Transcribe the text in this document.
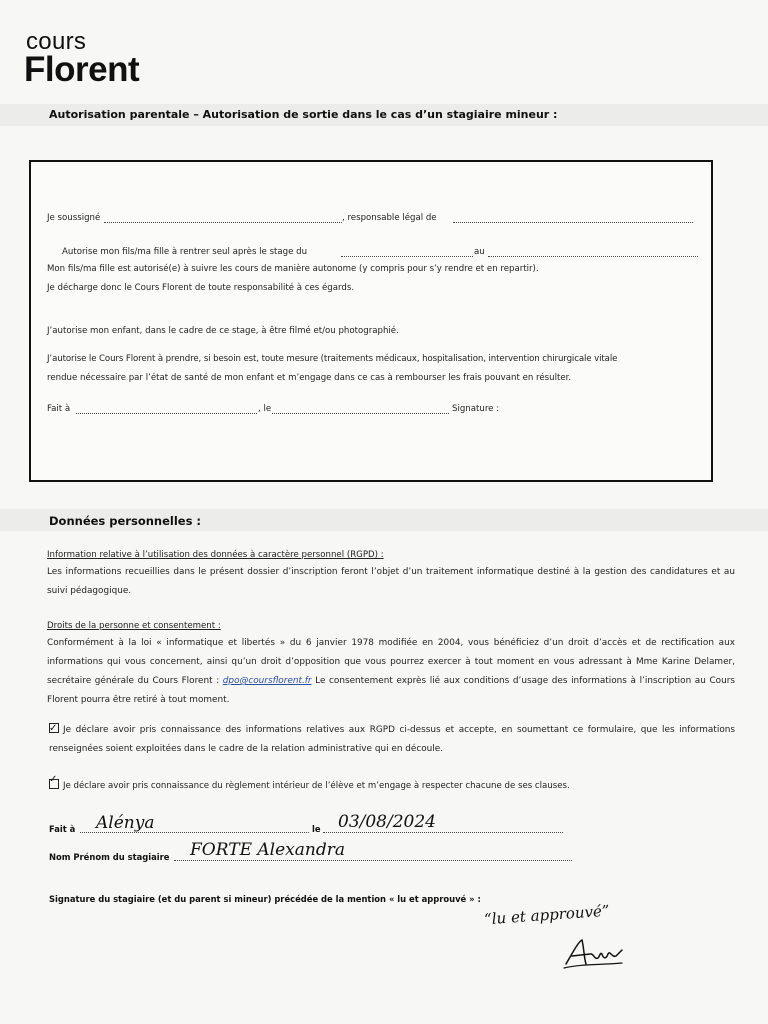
cours
Florent
Autorisation parentale – Autorisation de sortie dans le cas d’un stagiaire mineur :
Je soussigné	, responsable légal de
Autorise mon fils/ma fille à rentrer seul après le stage du	au
Mon fils/ma fille est autorisé(e) à suivre les cours de manière autonome (y compris pour s’y rendre et en repartir).
Je décharge donc le Cours Florent de toute responsabilité à ces égards.
J’autorise mon enfant, dans le cadre de ce stage, à être filmé et/ou photographié.
J’autorise le Cours Florent à prendre, si besoin est, toute mesure (traitements médicaux, hospitalisation, intervention chirurgicale vitale
rendue nécessaire par l’état de santé de mon enfant et m’engage dans ce cas à rembourser les frais pouvant en résulter.
Fait à	, le	Signature :
Données personnelles :
Information relative à l’utilisation des données à caractère personnel (RGPD) :

Les informations recueillies dans le présent dossier d’inscription feront l’objet d’un traitement informatique destiné à la gestion des candidatures et au suivi pédagogique.

Droits de la personne et consentement :

Conformément à la loi « informatique et libertés » du 6 janvier 1978 modifiée en 2004, vous bénéficiez d’un droit d’accès et de rectification aux informations qui vous concernent, ainsi qu’un droit d’opposition que vous pourrez exercer à tout moment en vous adressant à Mme Karine Delamer, secrétaire générale du Cours Florent : dpo@coursflorent.fr Le consentement exprès lié aux conditions d’usage des informations à l’inscription au Cours Florent pourra être retiré à tout moment.

✓Je déclare avoir pris connaissance des informations relatives aux RGPD ci-dessus et accepte, en soumettant ce formulaire, que les informations renseignées soient exploitées dans le cadre de la relation administrative qui en découle.

✓Je déclare avoir pris connaissance du règlement intérieur de l’élève et m’engage à respecter chacune de ses clauses.
Fait à Alénya	le 03/08/2024
Nom Prénom du stagiaire FORTE Alexandra
Signature du stagiaire (et du parent si mineur) précédée de la mention « lu et approuvé » :
“lu et approuvé”
